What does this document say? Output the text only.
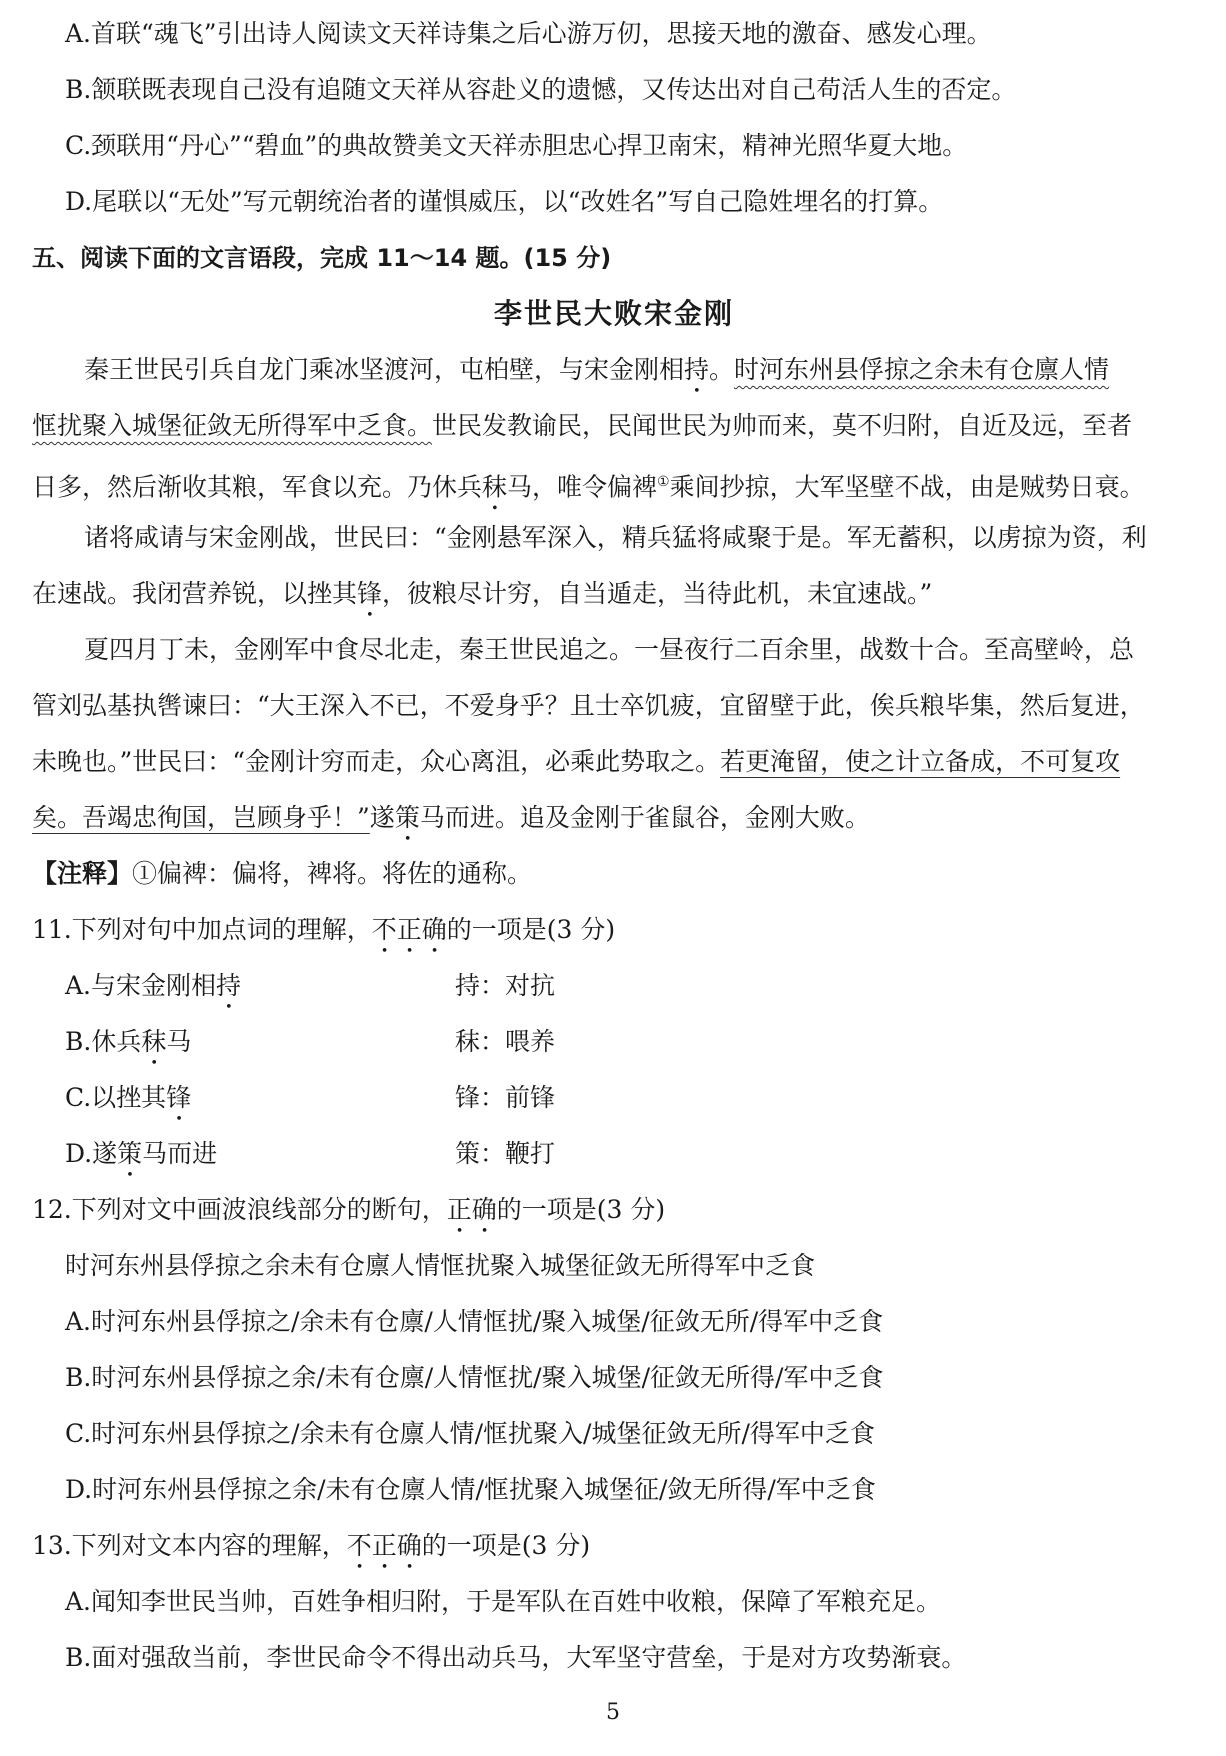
A.首联“魂飞”引出诗人阅读文天祥诗集之后心游万仞，思接天地的激奋、感发心理。
B.颔联既表现自己没有追随文天祥从容赴义的遗憾，又传达出对自己苟活人生的否定。
C.颈联用“丹心”“碧血”的典故赞美文天祥赤胆忠心捍卫南宋，精神光照华夏大地。
D.尾联以“无处”写元朝统治者的谨惧威压，以“改姓名”写自己隐姓埋名的打算。
五、阅读下面的文言语段，完成 11～14 题。(15 分)
李世民大败宋金刚
秦王世民引兵自龙门乘冰坚渡河，屯柏壁，与宋金刚相持。时河东州县俘掠之余未有仓廪人情
恇扰聚入城堡征敛无所得军中乏食。世民发教谕民，民闻世民为帅而来，莫不归附，自近及远，至者
日多，然后渐收其粮，军食以充。乃休兵秣马，唯令偏裨①乘间抄掠，大军坚壁不战，由是贼势日衰。
诸将咸请与宋金刚战，世民曰：“金刚悬军深入，精兵猛将咸聚于是。军无蓄积，以虏掠为资，利
在速战。我闭营养锐，以挫其锋，彼粮尽计穷，自当遁走，当待此机，未宜速战。”
夏四月丁未，金刚军中食尽北走，秦王世民追之。一昼夜行二百余里，战数十合。至高壁岭，总
管刘弘基执辔谏曰：“大王深入不已，不爱身乎？且士卒饥疲，宜留壁于此，俟兵粮毕集，然后复进，
未晚也。”世民曰：“金刚计穷而走，众心离沮，必乘此势取之。若更淹留，使之计立备成，不可复攻
矣。吾竭忠徇国，岂顾身乎！”遂策马而进。追及金刚于雀鼠谷，金刚大败。
【注释】①偏裨：偏将，裨将。将佐的通称。
11.下列对句中加点词的理解，不正确的一项是(3 分)
A.与宋金刚相持	持：对抗
B.休兵秣马	秣：喂养
C.以挫其锋	锋：前锋
D.遂策马而进	策：鞭打
12.下列对文中画波浪线部分的断句，正确的一项是(3 分)
时河东州县俘掠之余未有仓廪人情恇扰聚入城堡征敛无所得军中乏食
A.时河东州县俘掠之/余未有仓廪/人情恇扰/聚入城堡/征敛无所/得军中乏食
B.时河东州县俘掠之余/未有仓廪/人情恇扰/聚入城堡/征敛无所得/军中乏食
C.时河东州县俘掠之/余未有仓廪人情/恇扰聚入/城堡征敛无所/得军中乏食
D.时河东州县俘掠之余/未有仓廪人情/恇扰聚入城堡征/敛无所得/军中乏食
13.下列对文本内容的理解，不正确的一项是(3 分)
A.闻知李世民当帅，百姓争相归附，于是军队在百姓中收粮，保障了军粮充足。
B.面对强敌当前，李世民命令不得出动兵马，大军坚守营垒，于是对方攻势渐衰。
5
